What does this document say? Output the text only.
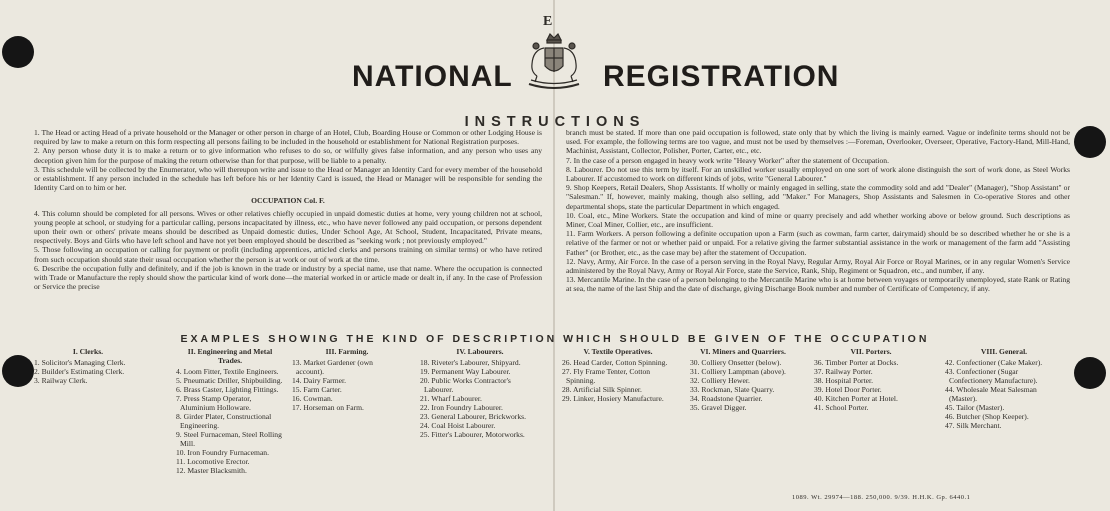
E
NATIONAL	REGISTRATION
INSTRUCTIONS

1. The Head or acting Head of a private household or the Manager or other person in charge of an Hotel, Club, Boarding House or Common or other Lodging House is required by law to make a return on this form respecting all persons failing to be included in the household or establishment for National Registration purposes.

2. Any person whose duty it is to make a return or to give information who refuses to do so, or wilfully gives false information, and any person who uses any deception given him for the purpose of making the return otherwise than for that purpose, will be liable to a penalty.

3. This schedule will be collected by the Enumerator, who will thereupon write and issue to the Head or Manager an Identity Card for every member of the household or establishment. If any person included in the schedule has left before his or her Identity Card is issued, the Head or Manager will be responsible for sending the Identity Card on to him or her.

OCCUPATION Col. F.

4. This column should be completed for all persons. Wives or other relatives chiefly occupied in unpaid domestic duties at home, very young children not at school, young people at school, or studying for a particular calling, persons incapacitated by illness, etc., who have never followed any paid occupation, or persons dependent upon their own or others' private means should be described as Unpaid domestic duties, Under School Age, At School, Student, Incapacitated, Private means, respectively. Boys and Girls who have left school and have not yet been employed should be described as "seeking work ; not previously employed."

5. Those following an occupation or calling for payment or profit (including apprentices, articled clerks and persons training on similar terms) or who have retired from such occupation should state their usual occupation whether the person is at work or out of work at the time.

6. Describe the occupation fully and definitely, and if the job is known in the trade or industry by a special name, use that name. Where the occupation is connected with Trade or Manufacture the reply should show the particular kind of work done—the material worked in or article made or dealt in, if any. In the case of Profession or Service the precise

branch must be stated. If more than one paid occupation is followed, state only that by which the living is mainly earned. Vague or indefinite terms should not be used. For example, the following terms are too vague, and must not be used by themselves :—Foreman, Overlooker, Overseer, Operative, Factory-Hand, Mill-Hand, Machinist, Assistant, Collector, Polisher, Porter, Carter, etc., etc.

7. In the case of a person engaged in heavy work write "Heavy Worker" after the statement of Occupation.

8. Labourer. Do not use this term by itself. For an unskilled worker usually employed on one sort of work alone distinguish the sort of work done, as Steel Works Labourer. If accustomed to work on different kinds of jobs, write "General Labourer."

9. Shop Keepers, Retail Dealers, Shop Assistants. If wholly or mainly engaged in selling, state the commodity sold and add "Dealer" (Manager), "Shop Assistant" or "Salesman." If, however, mainly making, though also selling, add "Maker." For Managers, Shop Assistants and Salesmen in Co-operative Stores and other departmental shops, state the particular Department in which engaged.

10. Coal, etc., Mine Workers. State the occupation and kind of mine or quarry precisely and add whether working above or below ground. Such descriptions as Miner, Coal Miner, Collier, etc., are insufficient.

11. Farm Workers. A person following a definite occupation upon a Farm (such as cowman, farm carter, dairymaid) should be so described whether he or she is a relative of the farmer or not or whether paid or unpaid. For a relative giving the farmer substantial assistance in the work or management of the farm add "Assisting Father" (or Brother, etc., as the case may be) after the statement of Occupation.

12. Navy, Army, Air Force. In the case of a person serving in the Royal Navy, Regular Army, Royal Air Force or Royal Marines, or in any regular Women's Service administered by the Royal Navy, Army or Royal Air Force, state the Service, Rank, Ship, Regiment or Squadron, etc., and number, if any.

13. Mercantile Marine. In the case of a person belonging to the Mercantile Marine who is at home between voyages or temporarily unemployed, state Rank or Rating at sea, the name of the last Ship and the date of discharge, giving Discharge Book number and number of Certificate of Competency, if any.

EXAMPLES SHOWING THE KIND OF DESCRIPTION WHICH SHOULD BE GIVEN OF THE OCCUPATION
I. Clerks.
1. Solicitor's Managing Clerk.
2. Builder's Estimating Clerk.
3. Railway Clerk.
II. Engineering and Metal Trades.
4. Loom Fitter, Textile Engineers.
5. Pneumatic Driller, Shipbuilding.
6. Brass Caster, Lighting Fittings.
7. Press Stamp Operator, Aluminium Holloware.
8. Girder Plater, Constructional Engineering.
9. Steel Furnaceman, Steel Rolling Mill.
10. Iron Foundry Furnaceman.
11. Locomotive Erector.
12. Master Blacksmith.
III. Farming.
13. Market Gardener (own account).
14. Dairy Farmer.
15. Farm Carter.
16. Cowman.
17. Horseman on Farm.
IV. Labourers.
18. Riveter's Labourer, Shipyard.
19. Permanent Way Labourer.
20. Public Works Contractor's Labourer.
21. Wharf Labourer.
22. Iron Foundry Labourer.
23. General Labourer, Brickworks.
24. Coal Hoist Labourer.
25. Fitter's Labourer, Motorworks.
V. Textile Operatives.
26. Head Carder, Cotton Spinning.
27. Fly Frame Tenter, Cotton Spinning.
28. Artificial Silk Spinner.
29. Linker, Hosiery Manufacture.
VI. Miners and Quarriers.
30. Colliery Onsetter (below).
31. Colliery Lampman (above).
32. Colliery Hewer.
33. Rockman, Slate Quarry.
34. Roadstone Quarrier.
35. Gravel Digger.
VII. Porters.
36. Timber Porter at Docks.
37. Railway Porter.
38. Hospital Porter.
39. Hotel Door Porter.
40. Kitchen Porter at Hotel.
41. School Porter.
VIII. General.
42. Confectioner (Cake Maker).
43. Confectioner (Sugar Confectionery Manufacture).
44. Wholesale Meat Salesman (Master).
45. Tailor (Master).
46. Butcher (Shop Keeper).
47. Silk Merchant.
1089. Wt. 29974—188. 250,000. 9/39. H.H.K. Gp. 6440.1
